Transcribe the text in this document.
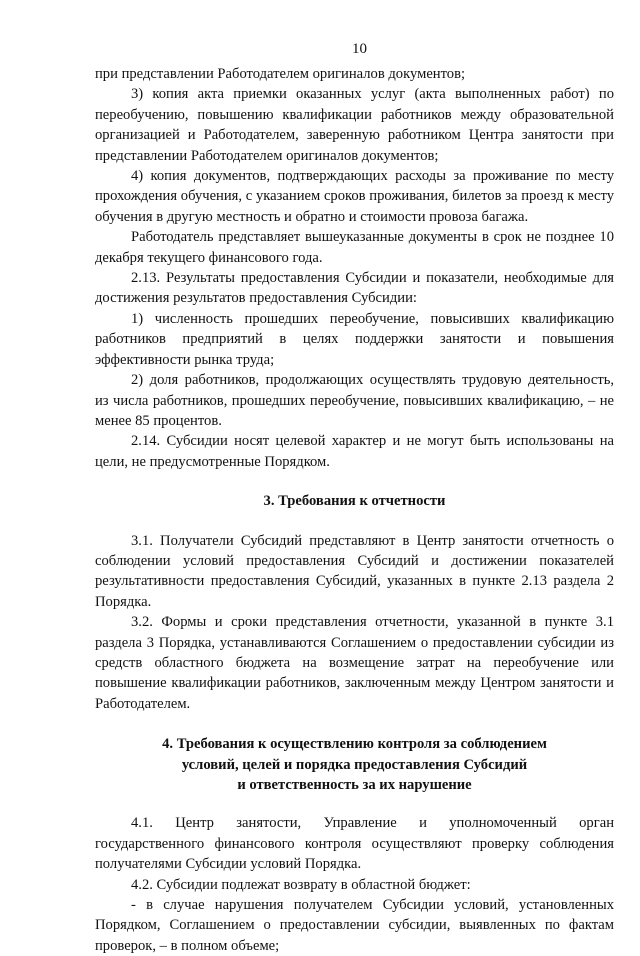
10

при представлении Работодателем оригиналов документов;

3) копия акта приемки оказанных услуг (акта выполненных работ) по переобучению, повышению квалификации работников между образовательной организацией и Работодателем, заверенную работником Центра занятости при представлении Работодателем оригиналов документов;

4) копия документов, подтверждающих расходы за проживание по месту прохождения обучения, с указанием сроков проживания, билетов за проезд к месту обучения в другую местность и обратно и стоимости провоза багажа.

Работодатель представляет вышеуказанные документы в срок не позднее 10 декабря текущего финансового года.

2.13. Результаты предоставления Субсидии и показатели, необходимые для достижения результатов предоставления Субсидии:

1) численность прошедших переобучение, повысивших квалификацию работников предприятий в целях поддержки занятости и повышения эффективности рынка труда;

2) доля работников, продолжающих осуществлять трудовую деятельность, из числа работников, прошедших переобучение, повысивших квалификацию, – не менее 85 процентов.

2.14. Субсидии носят целевой характер и не могут быть использованы на цели, не предусмотренные Порядком.

3. Требования к отчетности

3.1. Получатели Субсидий представляют в Центр занятости отчетность о соблюдении условий предоставления Субсидий и достижении показателей результативности предоставления Субсидий, указанных в пункте 2.13 раздела 2 Порядка.

3.2. Формы и сроки представления отчетности, указанной в пункте 3.1 раздела 3 Порядка, устанавливаются Соглашением о предоставлении субсидии из средств областного бюджета на возмещение затрат на переобучение или повышение квалификации работников, заключенным между Центром занятости и Работодателем.

4. Требования к осуществлению контроля за соблюдением
условий, целей и порядка предоставления Субсидий
и ответственность за их нарушение

4.1. Центр занятости, Управление и уполномоченный орган государственного финансового контроля осуществляют проверку соблюдения получателями Субсидии условий Порядка.

4.2. Субсидии подлежат возврату в областной бюджет:

- в случае нарушения получателем Субсидии условий, установленных Порядком, Соглашением о предоставлении субсидии, выявленных по фактам проверок, – в полном объеме;
